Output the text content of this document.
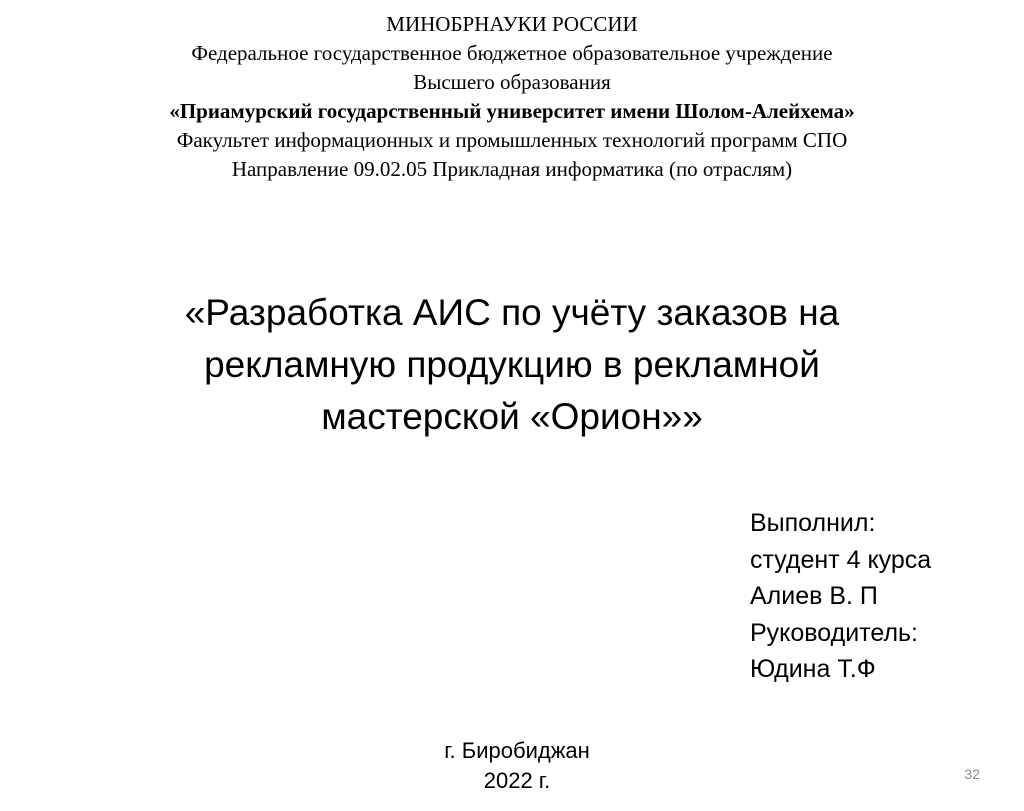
МИНОБРНАУКИ РОССИИ
Федеральное государственное бюджетное образовательное учреждение
Высшего образования
«Приамурский государственный университет имени Шолом-Алейхема»
Факультет информационных и промышленных технологий программ СПО
Направление 09.02.05 Прикладная информатика (по отраслям)
«Разработка АИС по учёту заказов на
рекламную продукцию в рекламной
мастерской «Орион»»
Выполнил:
студент 4 курса
Алиев В. П
Руководитель:
Юдина Т.Ф
г. Биробиджан
2022 г.	32
